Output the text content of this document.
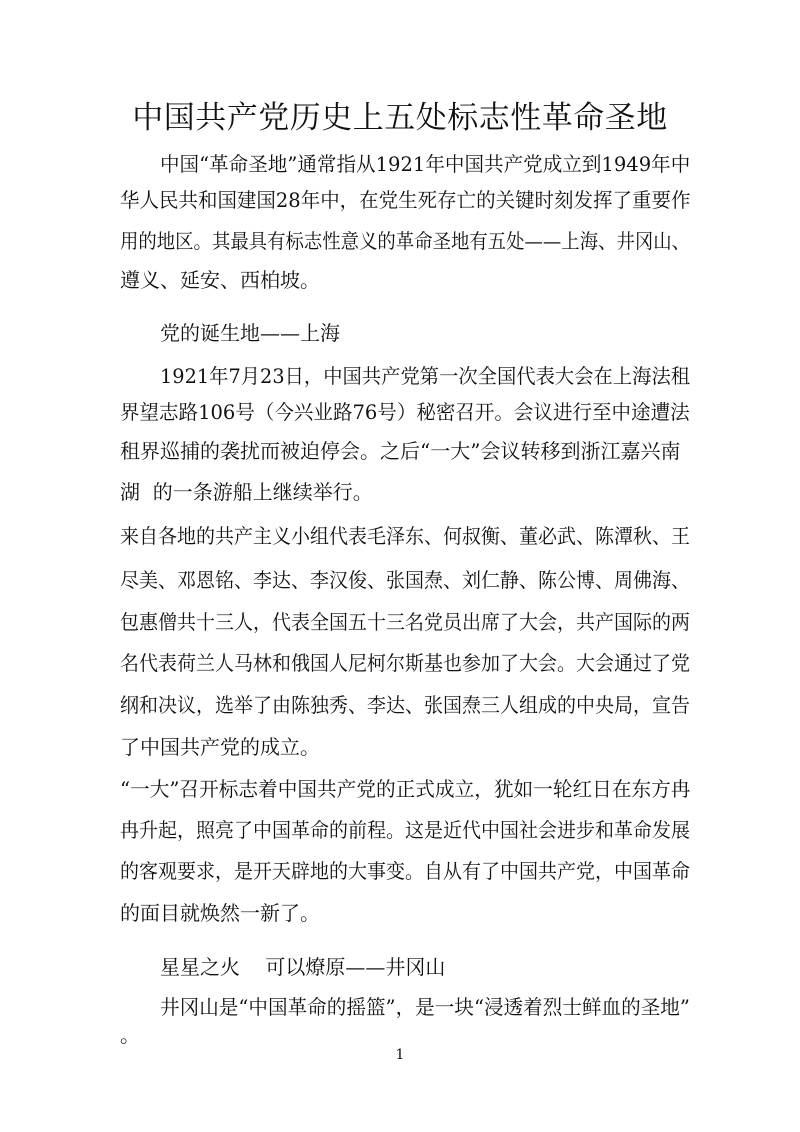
中国共产党历史上五处标志性革命圣地
中国“革命圣地”通常指从1921年中国共产党成立到1949年中
华人民共和国建国28年中，在党生死存亡的关键时刻发挥了重要作
用的地区。其最具有标志性意义的革命圣地有五处——上海、井冈山、
遵义、延安、西柏坡。
党的诞生地——上海
1921年7月23日，中国共产党第一次全国代表大会在上海法租
界望志路106号（今兴业路76号）秘密召开。会议进行至中途遭法
租界巡捕的袭扰而被迫停会。之后“一大”会议转移到浙江嘉兴南
湖  的一条游船上继续举行。
来自各地的共产主义小组代表毛泽东、何叔衡、董必武、陈潭秋、王
尽美、邓恩铭、李达、李汉俊、张国焘、刘仁静、陈公博、周佛海、
包惠僧共十三人，代表全国五十三名党员出席了大会，共产国际的两
名代表荷兰人马林和俄国人尼柯尔斯基也参加了大会。大会通过了党
纲和决议，选举了由陈独秀、李达、张国焘三人组成的中央局，宣告
了中国共产党的成立。
“一大”召开标志着中国共产党的正式成立，犹如一轮红日在东方冉
冉升起，照亮了中国革命的前程。这是近代中国社会进步和革命发展
的客观要求，是开天辟地的大事变。自从有了中国共产党，中国革命
的面目就焕然一新了。
星星之火    可以燎原——井冈山
井冈山是“中国革命的摇篮”，是一块“浸透着烈士鲜血的圣地”
。
1
